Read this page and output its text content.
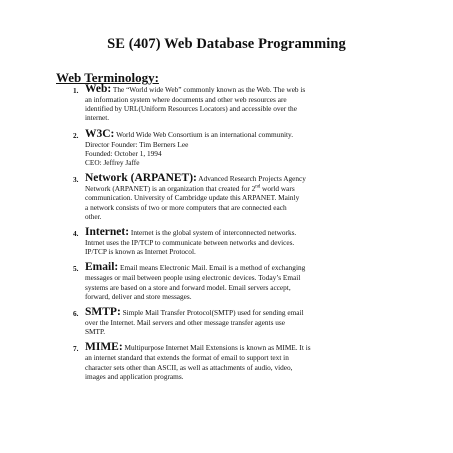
SE (407) Web Database Programming
Web Terminology:
1. Web: The “World wide Web” commonly known as the Web. The web is
an information system where documents and other web resources are
identified by URL(Uniform Resources Locators) and accessible over the
internet.
2. W3C: World Wide Web Consortium is an international community.
Director Founder: Tim Berners Lee
Founded: October 1, 1994
CEO: Jeffrey Jaffe
3. Network (ARPANET): Advanced Research Projects Agency
Network (ARPANET) is an organization that created for 2nd world wars
communication. University of Cambridge update this ARPANET. Mainly
a network consists of two or more computers that are connected each
other.
4. Internet: Internet is the global system of interconnected networks.
Intrnet uses the IP/TCP to communicate between networks and devices.
IP/TCP is known as Internet Protocol.
5. Email: Email means Electronic Mail. Email is a method of exchanging
messages or mail between people using electronic devices. Today’s Email
systems are based on a store and forward model. Email servers accept,
forward, deliver and store messages.
6. SMTP: Simple Mail Transfer Protocol(SMTP) used for sending email
over the Internet. Mail servers and other message transfer agents use
SMTP.
7. MIME: Multipurpose Internet Mail Extensions is known as MIME. It is
an internet standard that extends the format of email to support text in
character sets other than ASCII, as well as attachments of audio, video,
images and application programs.
